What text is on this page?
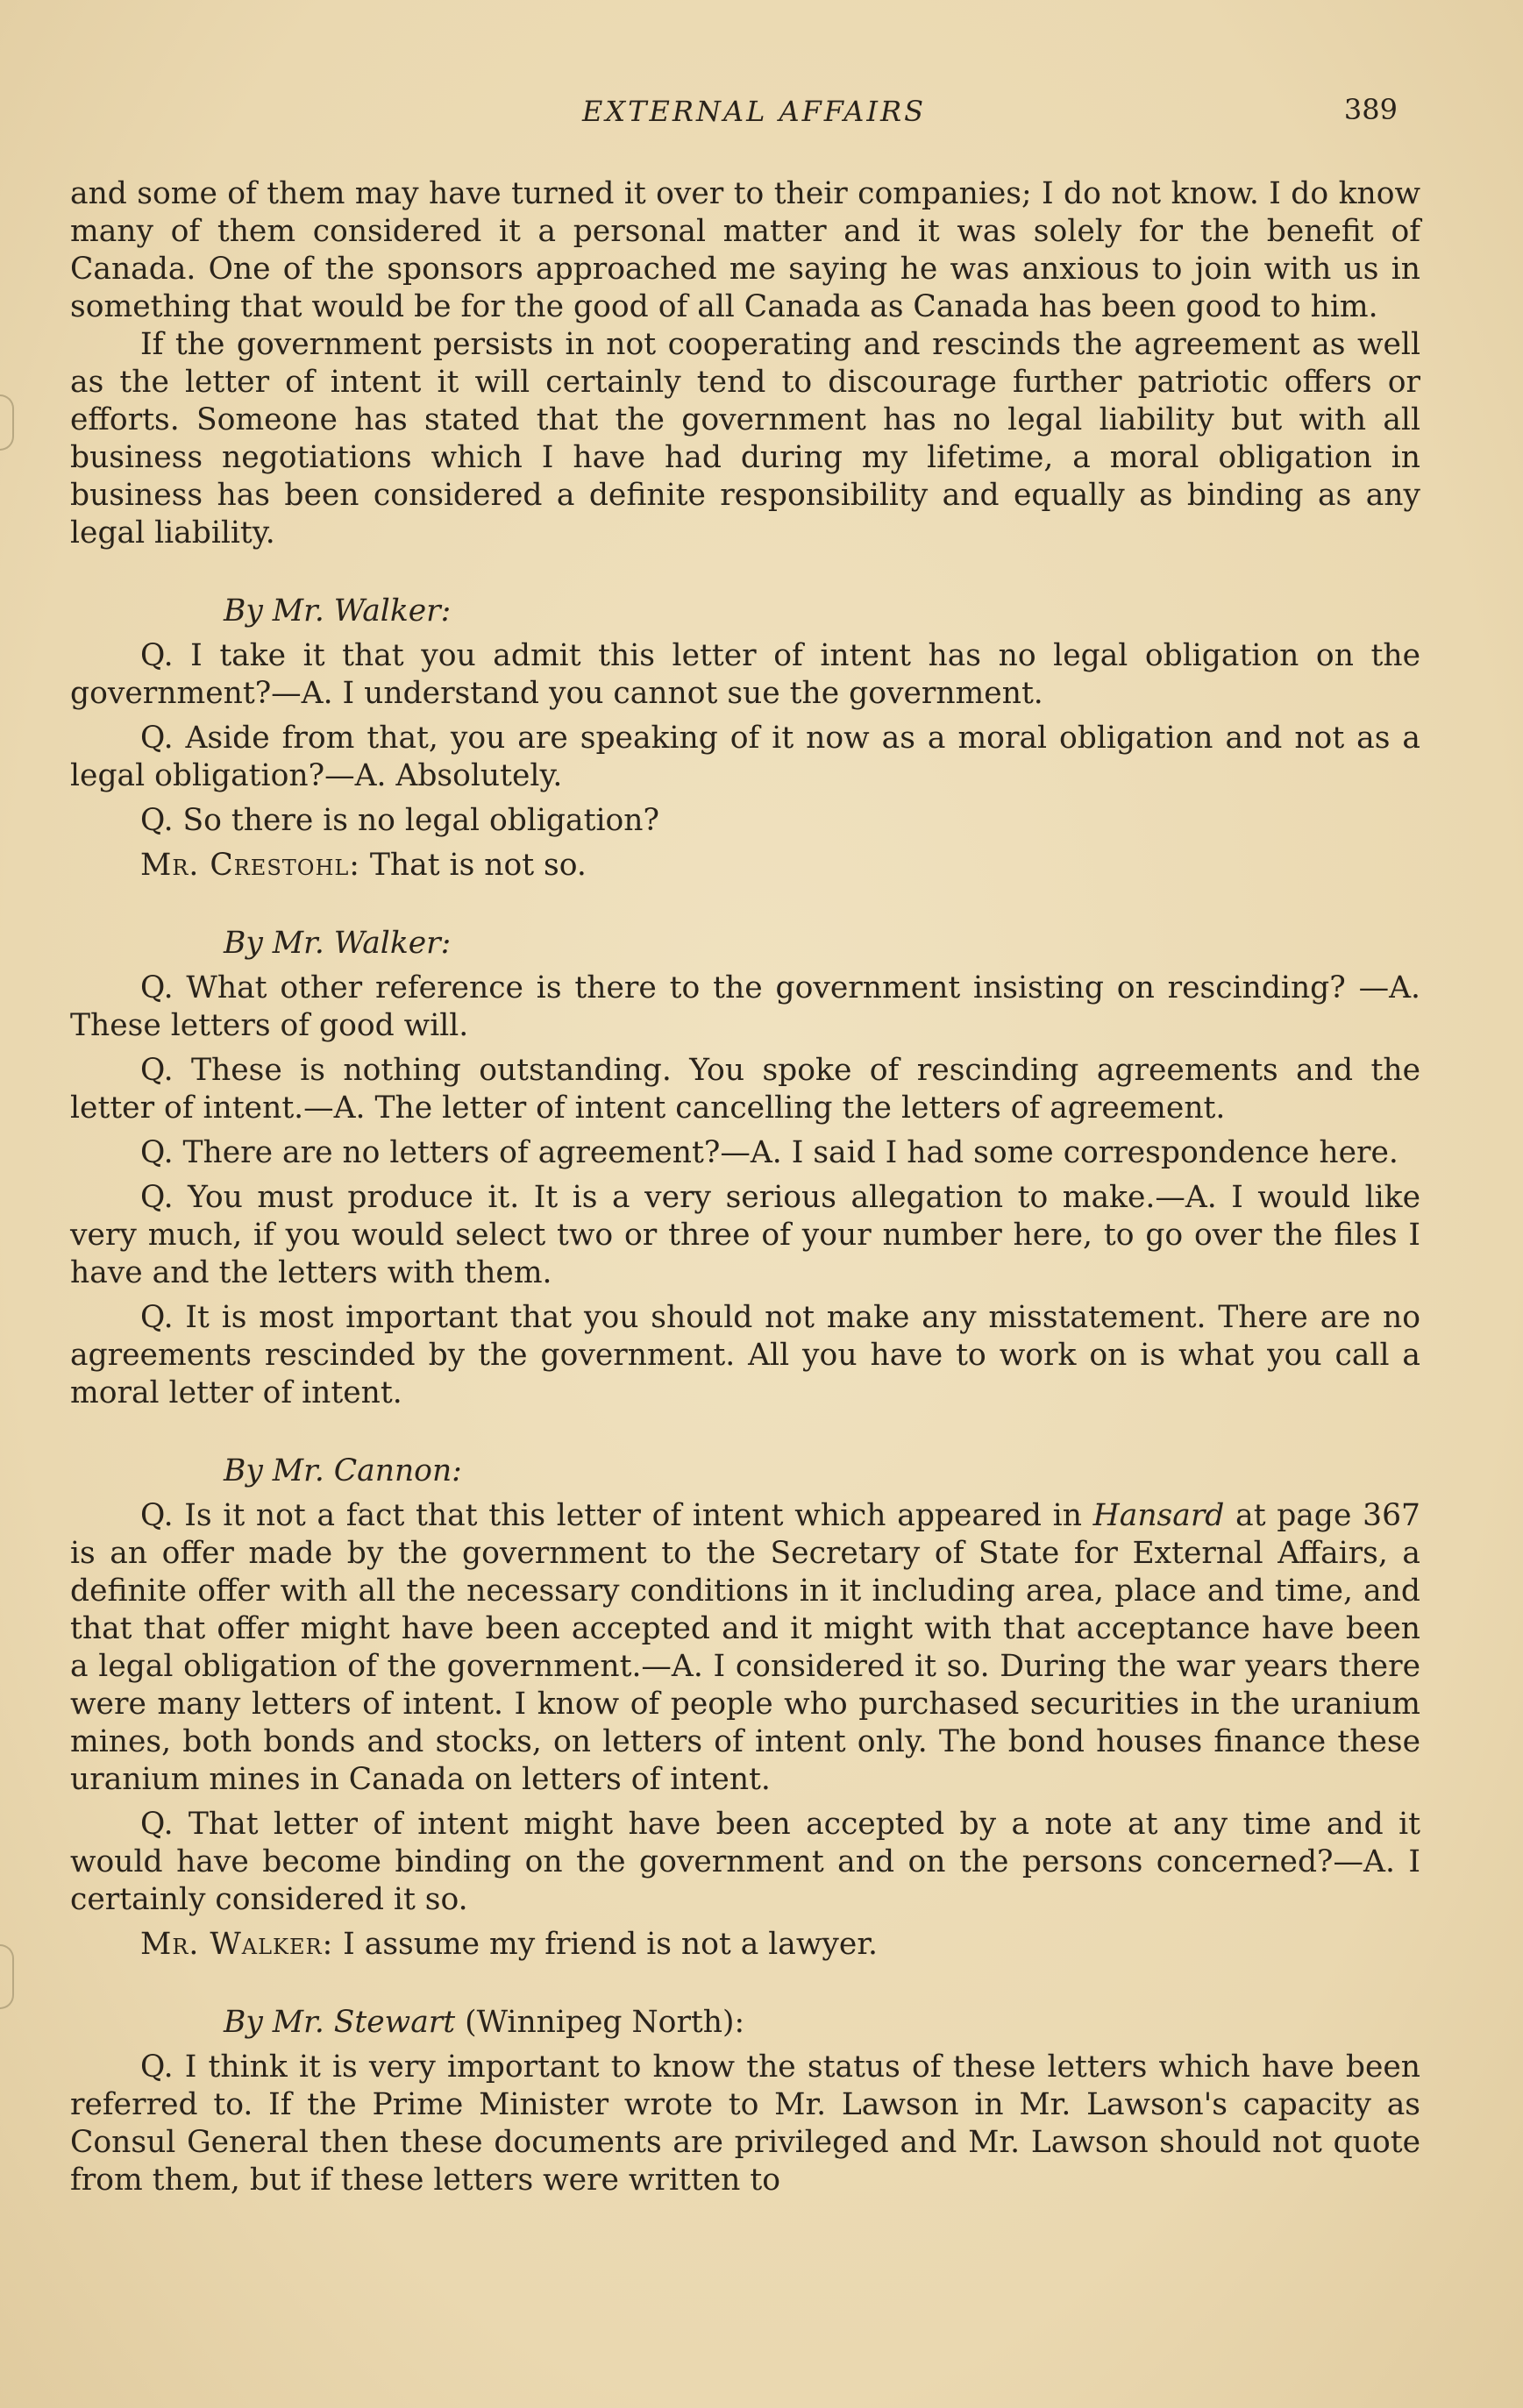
EXTERNAL AFFAIRS	389

and some of them may have turned it over to their companies; I do not know. I do know many of them considered it a personal matter and it was solely for the benefit of Canada. One of the sponsors approached me saying he was anxious to join with us in something that would be for the good of all Canada as Canada has been good to him.

If the government persists in not cooperating and rescinds the agreement as well as the letter of intent it will certainly tend to discourage further patriotic offers or efforts. Someone has stated that the government has no legal liability but with all business negotiations which I have had during my lifetime, a moral obligation in business has been considered a definite responsibility and equally as binding as any legal liability.

By Mr. Walker:

Q. I take it that you admit this letter of intent has no legal obligation on the government?—A. I understand you cannot sue the government.

Q. Aside from that, you are speaking of it now as a moral obligation and not as a legal obligation?—A. Absolutely.

Q. So there is no legal obligation?

Mr. Crestohl: That is not so.

By Mr. Walker:

Q. What other reference is there to the government insisting on rescinding? —A. These letters of good will.

Q. These is nothing outstanding. You spoke of rescinding agreements and the letter of intent.—A. The letter of intent cancelling the letters of agreement.

Q. There are no letters of agreement?—A. I said I had some correspondence here.

Q. You must produce it. It is a very serious allegation to make.—A. I would like very much, if you would select two or three of your number here, to go over the files I have and the letters with them.

Q. It is most important that you should not make any misstatement. There are no agreements rescinded by the government. All you have to work on is what you call a moral letter of intent.

By Mr. Cannon:

Q. Is it not a fact that this letter of intent which appeared in Hansard at page 367 is an offer made by the government to the Secretary of State for External Affairs, a definite offer with all the necessary conditions in it including area, place and time, and that that offer might have been accepted and it might with that acceptance have been a legal obligation of the government.—A. I considered it so. During the war years there were many letters of intent. I know of people who purchased securities in the uranium mines, both bonds and stocks, on letters of intent only. The bond houses finance these uranium mines in Canada on letters of intent.

Q. That letter of intent might have been accepted by a note at any time and it would have become binding on the government and on the persons concerned?—A. I certainly considered it so.

Mr. Walker: I assume my friend is not a lawyer.

By Mr. Stewart (Winnipeg North):

Q. I think it is very important to know the status of these letters which have been referred to. If the Prime Minister wrote to Mr. Lawson in Mr. Lawson's capacity as Consul General then these documents are privileged and Mr. Lawson should not quote from them, but if these letters were written to
